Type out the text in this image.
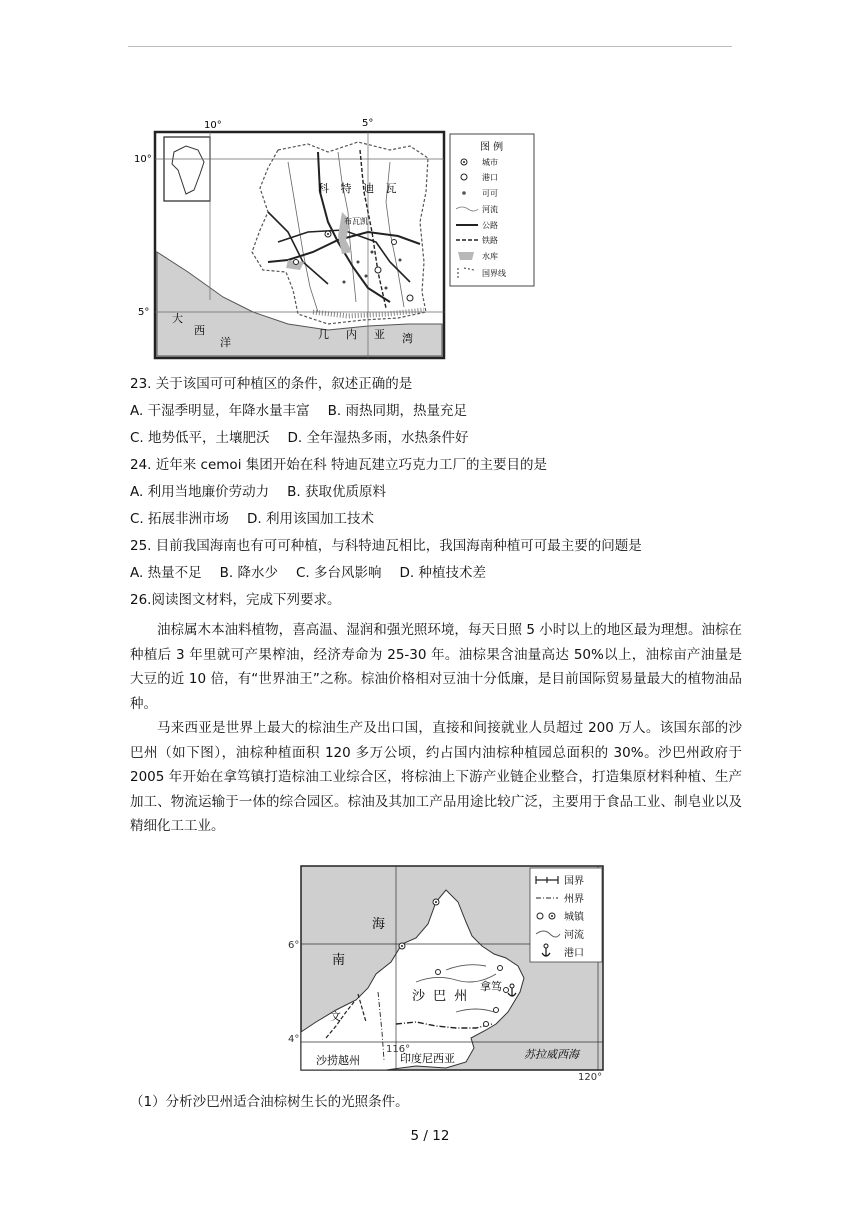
10°	5°
10°
5°
科 特 迪 瓦
布瓦凯
大
西
洋
几 内 亚 湾
图 例
城市
港口
可可
河流
公路
铁路
水库
国界线
23. 关于该国可可种植区的条件，叙述正确的是
A. 干湿季明显，年降水量丰富 B. 雨热同期，热量充足
C. 地势低平，土壤肥沃 D. 全年湿热多雨，水热条件好
24. 近年来 cemoi 集团开始在科 特迪瓦建立巧克力工厂的主要目的是
A. 利用当地廉价劳动力 B. 获取优质原料
C. 拓展非洲市场 D. 利用该国加工技术
25. 目前我国海南也有可可种植，与科特迪瓦相比，我国海南种植可可最主要的问题是
A. 热量不足 B. 降水少 C. 多台风影响 D. 种植技术差
26.阅读图文材料，完成下列要求。
油棕属木本油料植物，喜高温、湿润和强光照环境，每天日照 5 小时以上的地区最为理想。油棕在种植后 3 年里就可产果榨油，经济寿命为 25-30 年。油棕果含油量高达 50%以上，油棕亩产油量是大豆的近 10 倍，有“世界油王”之称。棕油价格相对豆油十分低廉，是目前国际贸易量最大的植物油品种。
马来西亚是世界上最大的棕油生产及出口国，直接和间接就业人员超过 200 万人。该国东部的沙巴州（如下图），油棕种植面积 120 多万公顷，约占国内油棕种植园总面积的 30%。沙巴州政府于 2005 年开始在拿笃镇打造棕油工业综合区，将棕油上下游产业链企业整合，打造集原材料种植、生产加工、物流运输于一体的综合园区。棕油及其加工产品用途比较广泛，主要用于食品工业、制皂业以及精细化工工业。
116°
120°
6°
4°
南
海
苏拉威西海
沙 巴 州
拿笃
文
沙捞越州	印度尼西亚
国界
州界
城镇
河流
港口
（1）分析沙巴州适合油棕树生长的光照条件。
5 / 12
